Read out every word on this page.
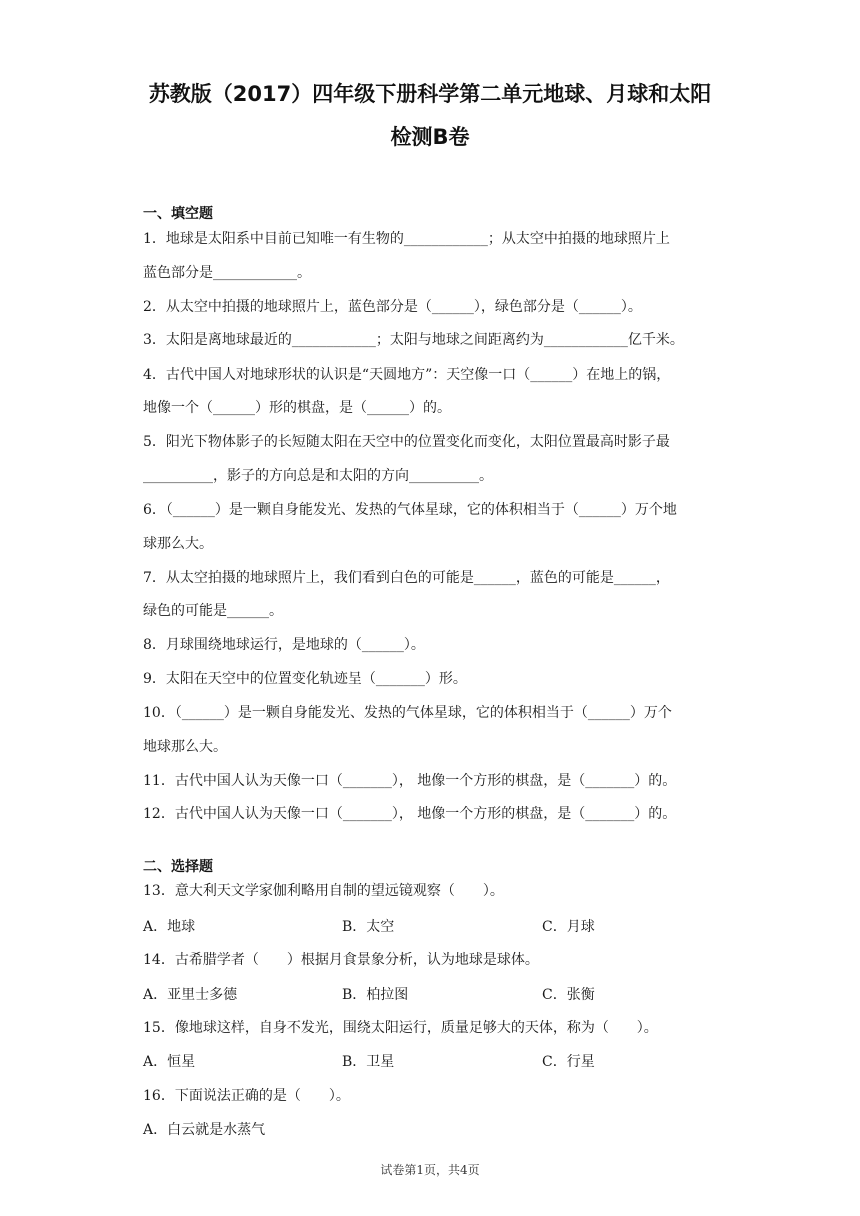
苏教版（2017）四年级下册科学第二单元地球、月球和太阳
检测B卷
一、填空题
1．地球是太阳系中目前已知唯一有生物的____________；从太空中拍摄的地球照片上
蓝色部分是____________。
2．从太空中拍摄的地球照片上，蓝色部分是（______），绿色部分是（______）。
3．太阳是离地球最近的____________；太阳与地球之间距离约为____________亿千米。
4．古代中国人对地球形状的认识是“天圆地方”：天空像一口（______）在地上的锅，
地像一个（______）形的棋盘，是（______）的。
5．阳光下物体影子的长短随太阳在天空中的位置变化而变化，太阳位置最高时影子最
__________，影子的方向总是和太阳的方向__________。
6．（______）是一颗自身能发光、发热的气体星球，它的体积相当于（______）万个地
球那么大。
7．从太空拍摄的地球照片上，我们看到白色的可能是______，蓝色的可能是______，
绿色的可能是______。
8．月球围绕地球运行，是地球的（______）。
9．太阳在天空中的位置变化轨迹呈（_______）形。
10．（______）是一颗自身能发光、发热的气体星球，它的体积相当于（______）万个
地球那么大。
11．古代中国人认为天像一口（_______）， 地像一个方形的棋盘，是（_______）的。
12．古代中国人认为天像一口（_______）， 地像一个方形的棋盘，是（_______）的。
二、选择题
13．意大利天文学家伽利略用自制的望远镜观察（　　）。
A．地球	B．太空	C．月球
14．古希腊学者（　　）根据月食景象分析，认为地球是球体。
A．亚里士多德	B．柏拉图	C．张衡
15．像地球这样，自身不发光，围绕太阳运行，质量足够大的天体，称为（　　）。
A．恒星	B．卫星	C．行星
16．下面说法正确的是（　　）。
A．白云就是水蒸气
试卷第1页，共4页
